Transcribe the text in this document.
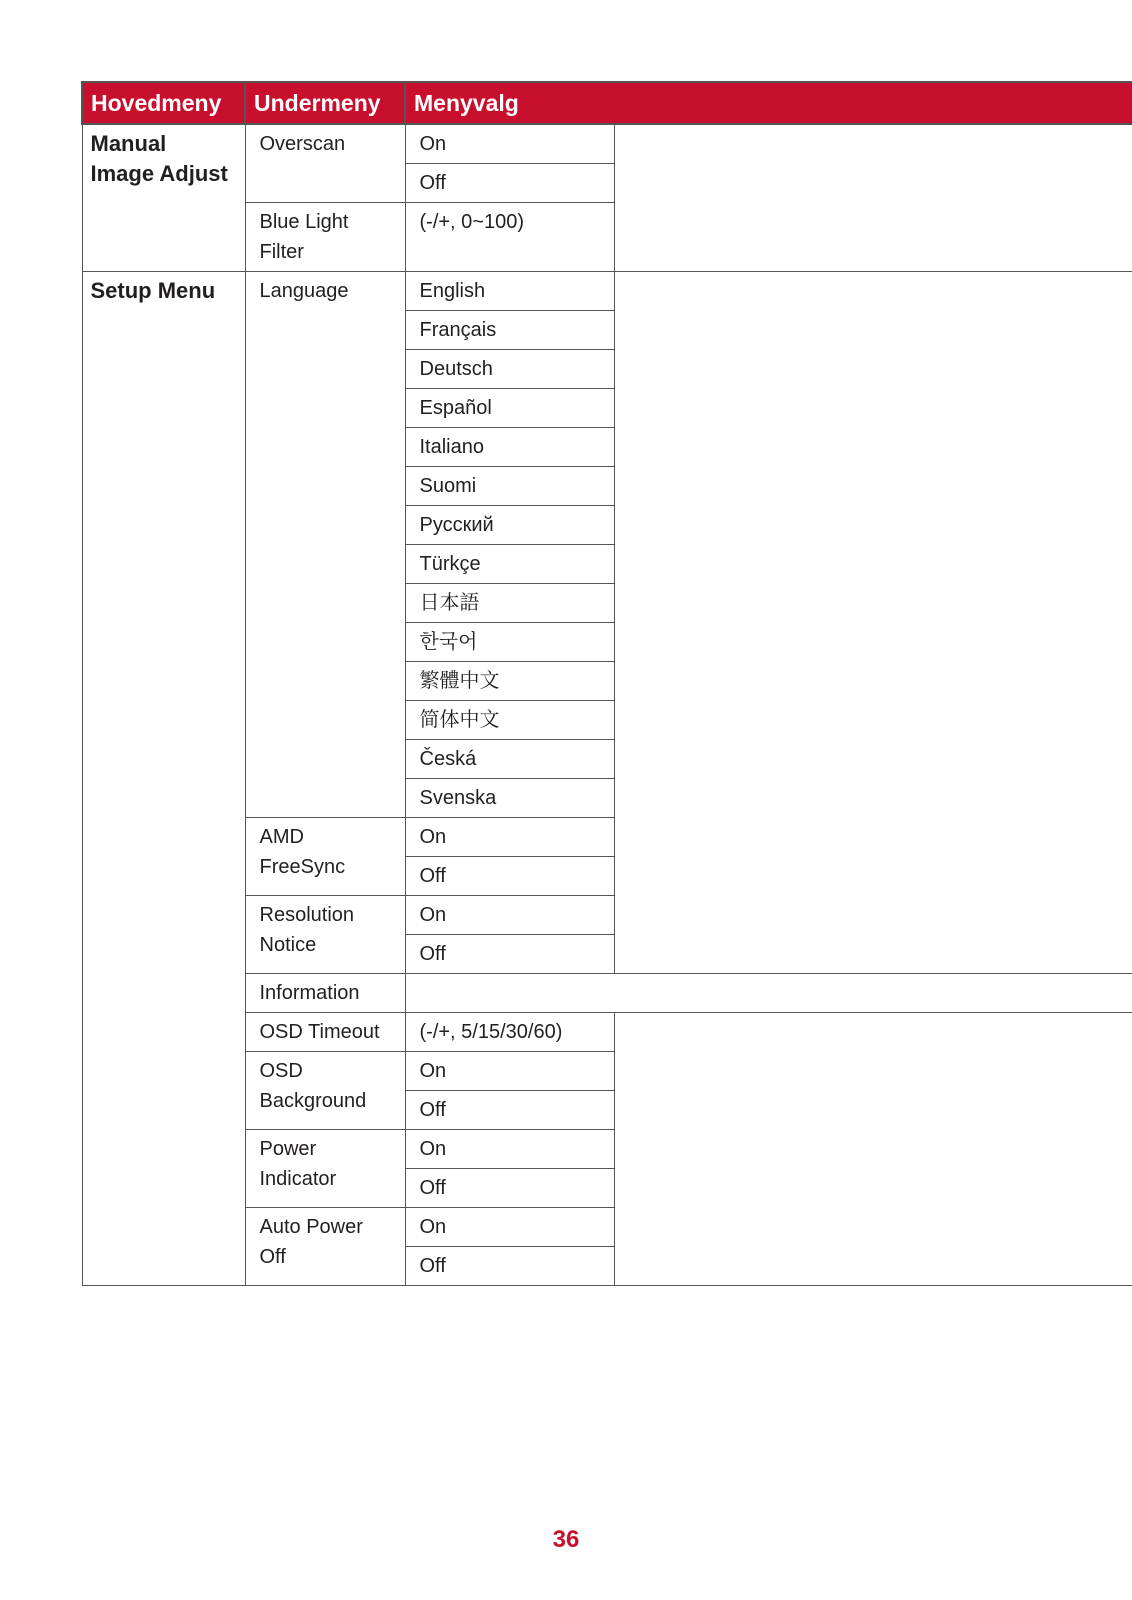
Hovedmeny	Undermeny	Menyvalg	
Manual Image Adjust	Overscan	On	
		Off	
	Blue Light Filter	(-/+, 0~100)	
Setup Menu	Language	English	
		Français	
		Deutsch	
		Español	
		Italiano	
		Suomi	
		Русский	
		Türkçe	
		日本語	
		한국어	
		繁體中文	
		简体中文	
		Česká	
		Svenska	
	AMD FreeSync	On	
		Off	
	Resolution Notice	On	
		Off	
	Information		
	OSD Timeout	(-/+, 5/15/30/60)	
	OSD Background	On	
		Off	
	Power Indicator	On	
		Off	
	Auto Power Off	On	
		Off	
36
